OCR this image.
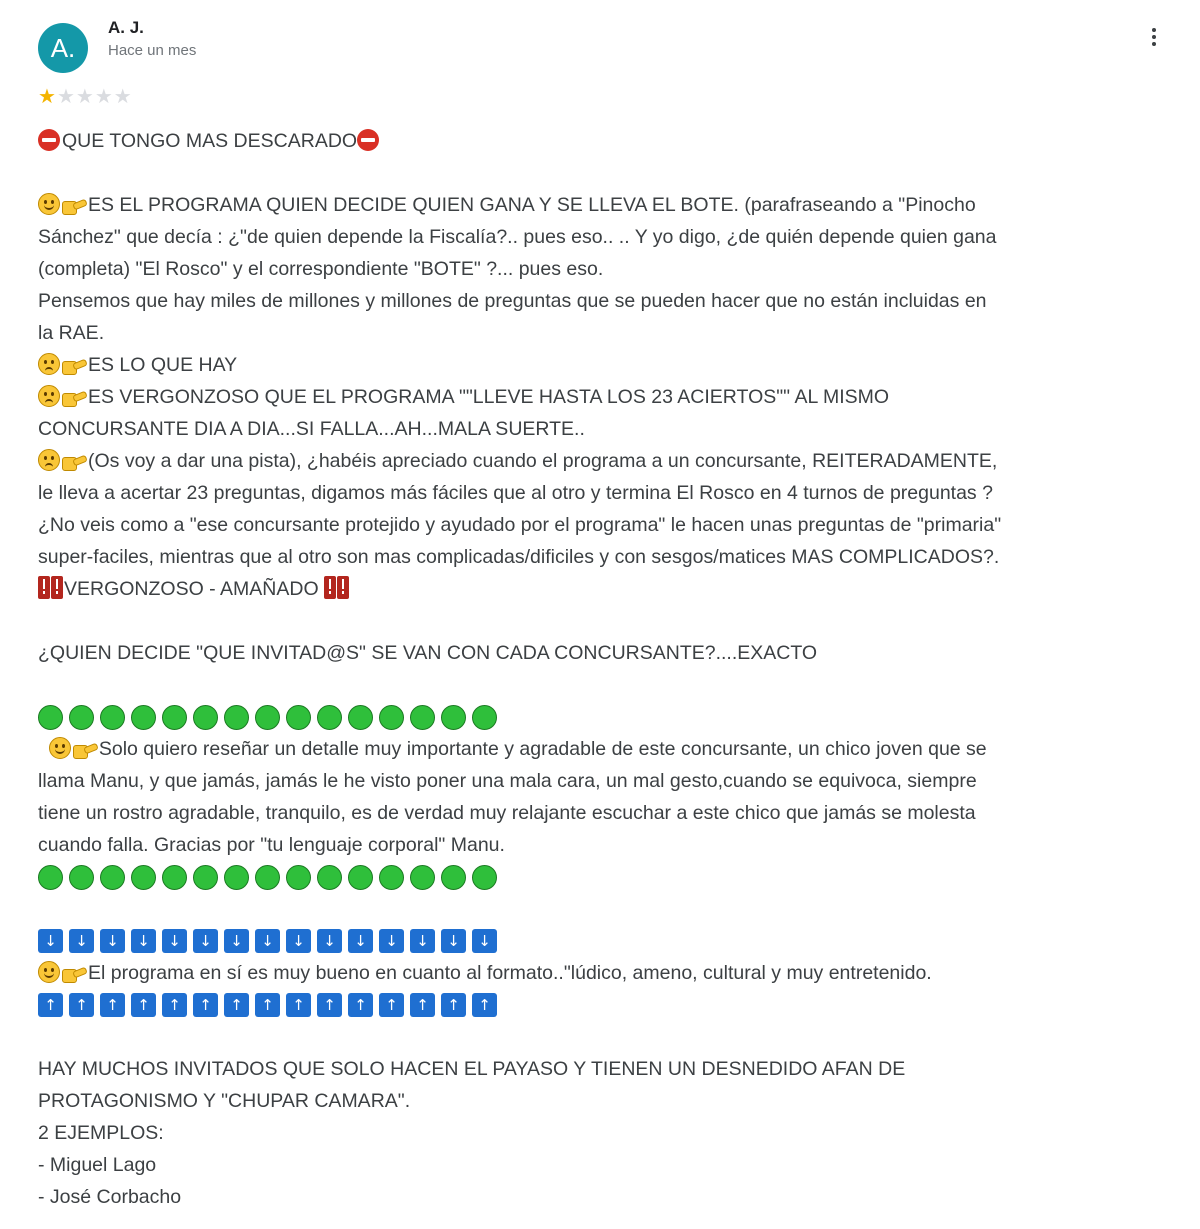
A.
A. J.
Hace un mes
★ ★ ★ ★ ★
QUE TONGO MAS DESCARADO
ES EL PROGRAMA QUIEN DECIDE QUIEN GANA Y SE LLEVA EL BOTE. (parafraseando a "Pinocho
Sánchez" que decía : ¿"de quien depende la Fiscalía?.. pues eso.. .. Y yo digo, ¿de quién depende quien gana
(completa) "El Rosco" y el correspondiente "BOTE" ?... pues eso.
Pensemos que hay miles de millones y millones de preguntas que se pueden hacer que no están incluidas en
la RAE.
ES LO QUE HAY
ES VERGONZOSO QUE EL PROGRAMA ""LLEVE HASTA LOS 23 ACIERTOS"" AL MISMO
CONCURSANTE DIA A DIA...SI FALLA...AH...MALA SUERTE..
(Os voy a dar una pista), ¿habéis apreciado cuando el programa a un concursante, REITERADAMENTE,
le lleva a acertar 23 preguntas, digamos más fáciles que al otro y termina El Rosco en 4 turnos de preguntas ?
¿No veis como a "ese concursante protejido y ayudado por el programa" le hacen unas preguntas de "primaria"
super-faciles, mientras que al otro son mas complicadas/dificiles y con sesgos/matices MAS COMPLICADOS?.
VERGONZOSO - AMAÑADO
¿QUIEN DECIDE "QUE INVITAD@S" SE VAN CON CADA CONCURSANTE?....EXACTO
Solo quiero reseñar un detalle muy importante y agradable de este concursante, un chico joven que se
llama Manu, y que jamás, jamás le he visto poner una mala cara, un mal gesto,cuando se equivoca, siempre
tiene un rostro agradable, tranquilo, es de verdad muy relajante escuchar a este chico que jamás se molesta
cuando falla. Gracias por "tu lenguaje corporal" Manu.
↓	↓	↓	↓	↓	↓	↓	↓	↓	↓	↓	↓	↓	↓	↓
El programa en sí es muy bueno en cuanto al formato.."lúdico, ameno, cultural y muy entretenido.
↑	↑	↑	↑	↑	↑	↑	↑	↑	↑	↑	↑	↑	↑	↑
HAY MUCHOS INVITADOS QUE SOLO HACEN EL PAYASO Y TIENEN UN DESNEDIDO AFAN DE
PROTAGONISMO Y "CHUPAR CAMARA".
2 EJEMPLOS:
- Miguel Lago
- José Corbacho
